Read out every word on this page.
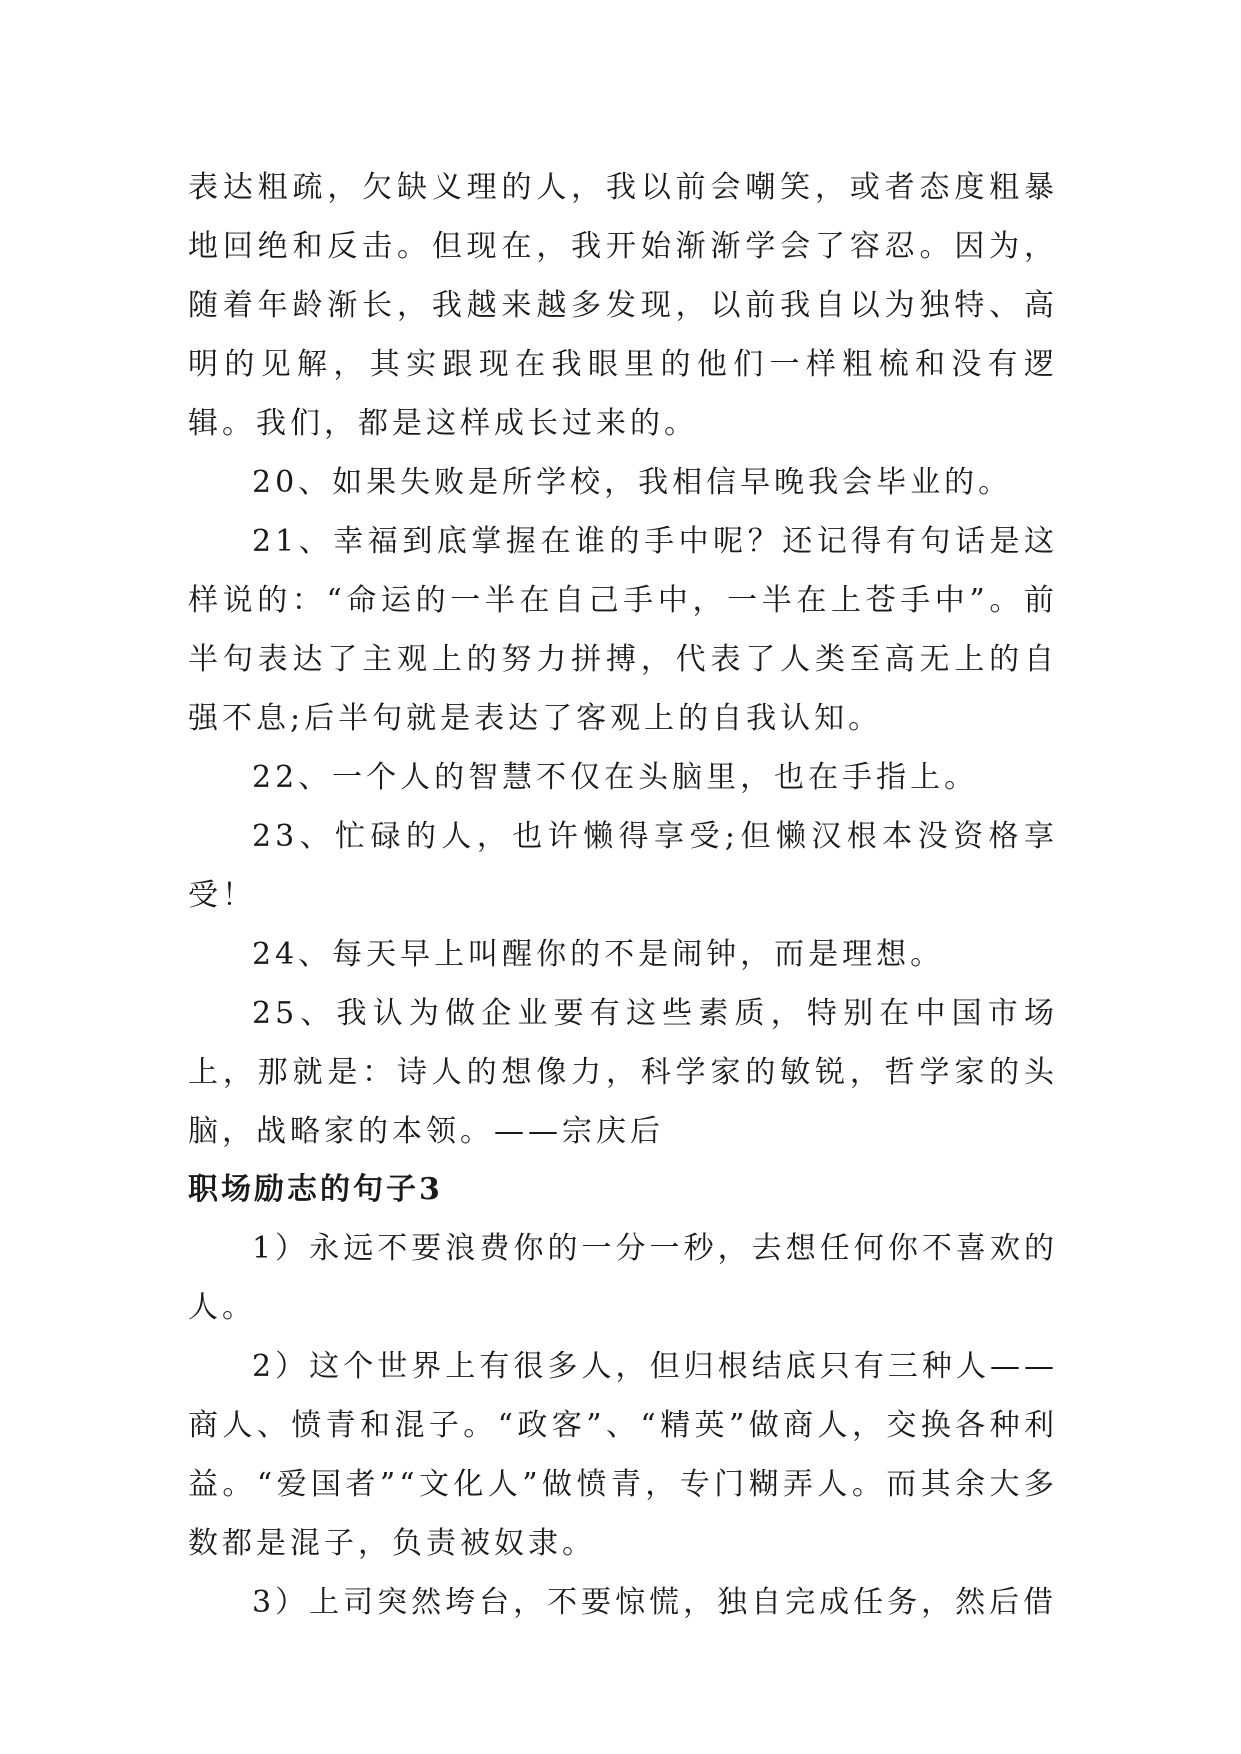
表达粗疏，欠缺义理的人，我以前会嘲笑，或者态度粗暴地回绝和反击。但现在，我开始渐渐学会了容忍。因为，随着年龄渐长，我越来越多发现，以前我自以为独特、高明的见解，其实跟现在我眼里的他们一样粗梳和没有逻辑。我们，都是这样成长过来的。

20、如果失败是所学校，我相信早晚我会毕业的。

21、幸福到底掌握在谁的手中呢？还记得有句话是这样说的：“命运的一半在自己手中，一半在上苍手中”。前半句表达了主观上的努力拼搏，代表了人类至高无上的自强不息;后半句就是表达了客观上的自我认知。

22、一个人的智慧不仅在头脑里，也在手指上。

23、忙碌的人，也许懒得享受;但懒汉根本没资格享受！

24、每天早上叫醒你的不是闹钟，而是理想。

25、我认为做企业要有这些素质，特别在中国市场上，那就是：诗人的想像力，科学家的敏锐，哲学家的头脑，战略家的本领。——宗庆后

职场励志的句子3

1）永远不要浪费你的一分一秒，去想任何你不喜欢的人。

2）这个世界上有很多人，但归根结底只有三种人——商人、愤青和混子。“政客”、“精英”做商人，交换各种利益。“爱国者”“文化人”做愤青，专门糊弄人。而其余大多数都是混子，负责被奴隶。

3）上司突然垮台，不要惊慌，独自完成任务，然后借
